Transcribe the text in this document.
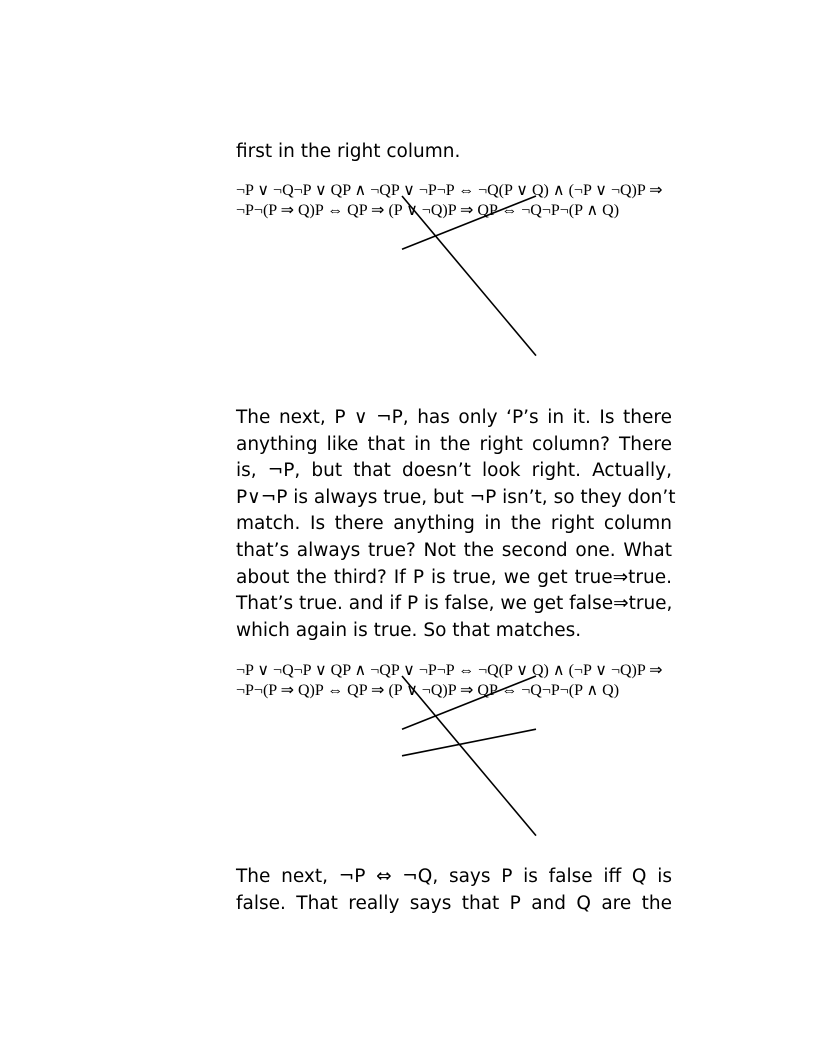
first in the right column.

¬P ∨ ¬Q¬P ∨ QP ∧ ¬QP ∨ ¬P¬P ⇔ ¬Q(P ∨ Q) ∧ (¬P ∨ ¬Q)P ⇒ ¬P¬(P ⇒ Q)P ⇔ QP ⇒ (P ∨ ¬Q)P ⇒ QP ⇔ ¬Q¬P¬(P ∧ Q)

The next, P ∨ ¬P, has only ‘P’s in it. Is there
anything like that in the right column? There
is, ¬P, but that doesn’t look right. Actually,
P∨¬P is always true, but ¬P isn’t, so they don’t
match. Is there anything in the right column
that’s always true? Not the second one. What
about the third? If P is true, we get true⇒true.
That’s true. and if P is false, we get false⇒true,
which again is true. So that matches.

¬P ∨ ¬Q¬P ∨ QP ∧ ¬QP ∨ ¬P¬P ⇔ ¬Q(P ∨ Q) ∧ (¬P ∨ ¬Q)P ⇒ ¬P¬(P ⇒ Q)P ⇔ QP ⇒ (P ∨ ¬Q)P ⇒ QP ⇔ ¬Q¬P¬(P ∧ Q)

The next, ¬P ⇔ ¬Q, says P is false iff Q is
false. That really says that P and Q are the
